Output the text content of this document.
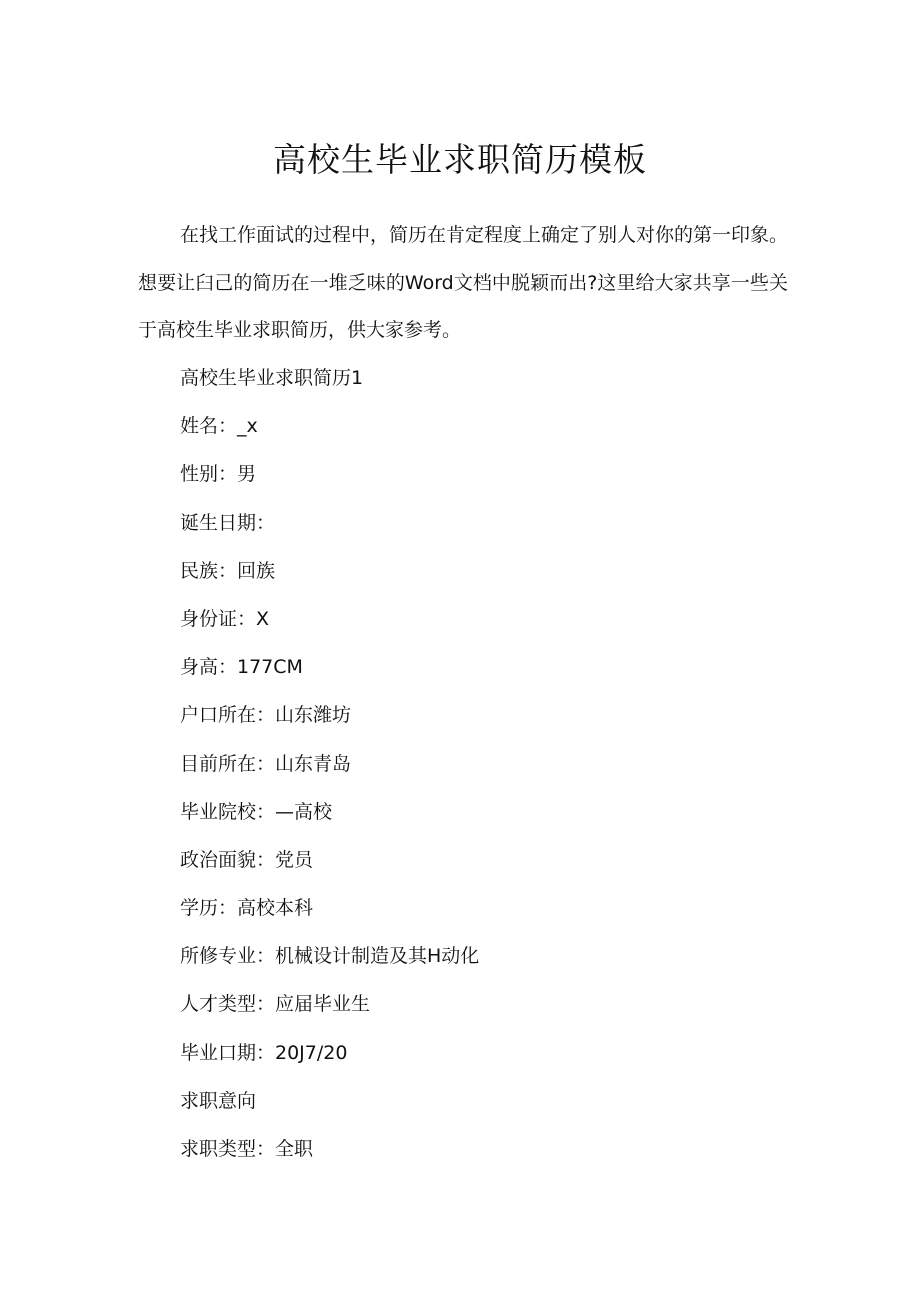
高校生毕业求职简历模板

在找工作面试的过程中，简历在肯定程度上确定了别人对你的第一印象。想要让臼己的简历在一堆乏味的Word文档中脱颖而出?这里给大家共享一些关于高校生毕业求职简历，供大家参考。

高校生毕业求职简历1
姓名：_x
性别：男
诞生日期：
民族：回族
身份证：X
身高：177CM
户口所在：山东潍坊
目前所在：山东青岛
毕业院校：—高校
政治面貌：党员
学历：高校本科
所修专业：机械设计制造及其H动化
人才类型：应届毕业生
毕业口期：20J7/20
求职意向
求职类型：全职
